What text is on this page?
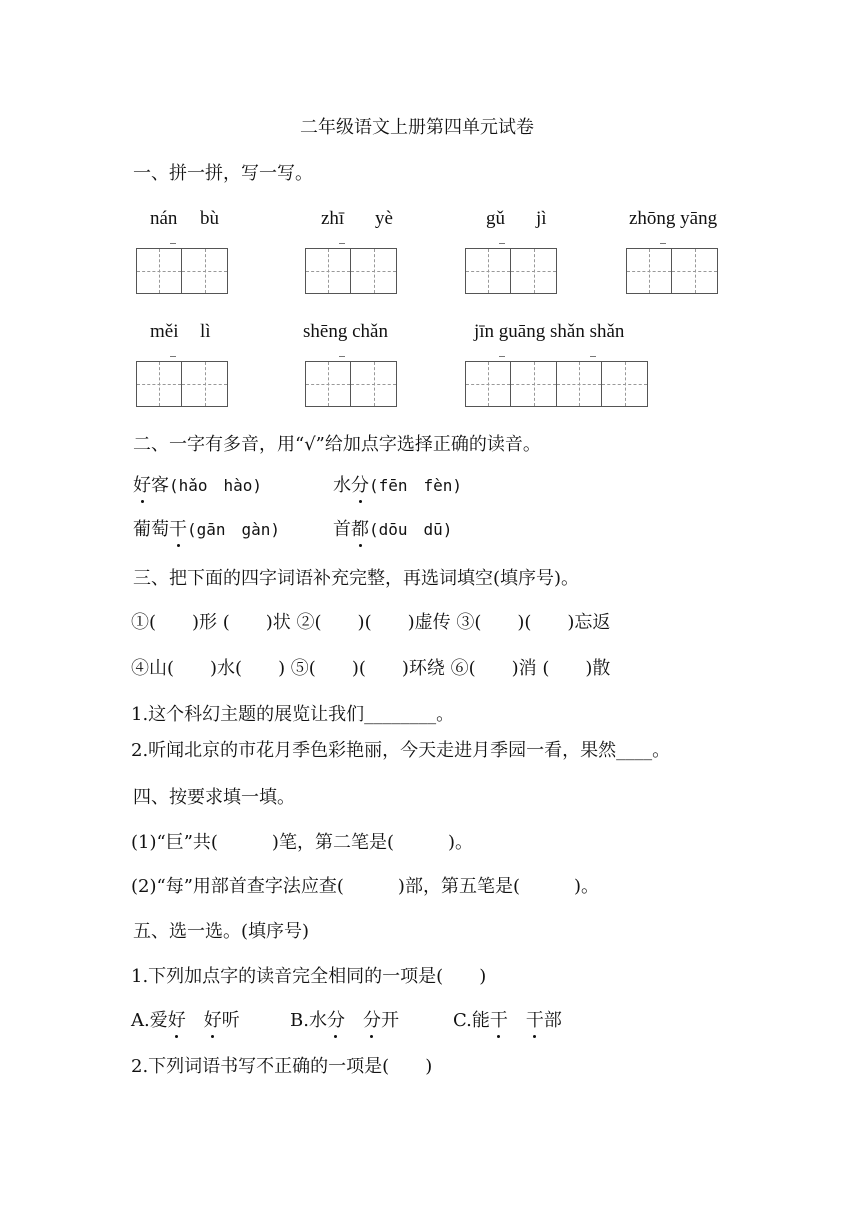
二年级语文上册第四单元试卷
一、拼一拼，写一写。
nán bù	zhī yè	gǔ jì	zhōng yāng
měi lì	shēng chǎn	jīn guāng shǎn shǎn
二、一字有多音，用“√”给加点字选择正确的读音。
好客(hǎo　hào)	水分(fēn　fèn)
葡萄干(gān　gàn)	首都(dōu　dū)
三、把下面的四字词语补充完整，再选词填空(填序号)。
①(　　)形 (　　)状 ②(　　)(　　)虚传 ③(　　)(　　)忘返
④山(　　)水(　　) ⑤(　　)(　　)环绕 ⑥(　　)消 (　　)散
1.这个科幻主题的展览让我们________。
2.听闻北京的市花月季色彩艳丽，今天走进月季园一看，果然____。
四、按要求填一填。
(1)“巨”共(　　　)笔，第二笔是(　　　)。
(2)“每”用部首查字法应查(　　　)部，第五笔是(　　　)。
五、选一选。(填序号)
1.下列加点字的读音完全相同的一项是(　　)
A.爱好 好听	B.水分 分开	C.能干 干部
2.下列词语书写不正确的一项是(　　)
